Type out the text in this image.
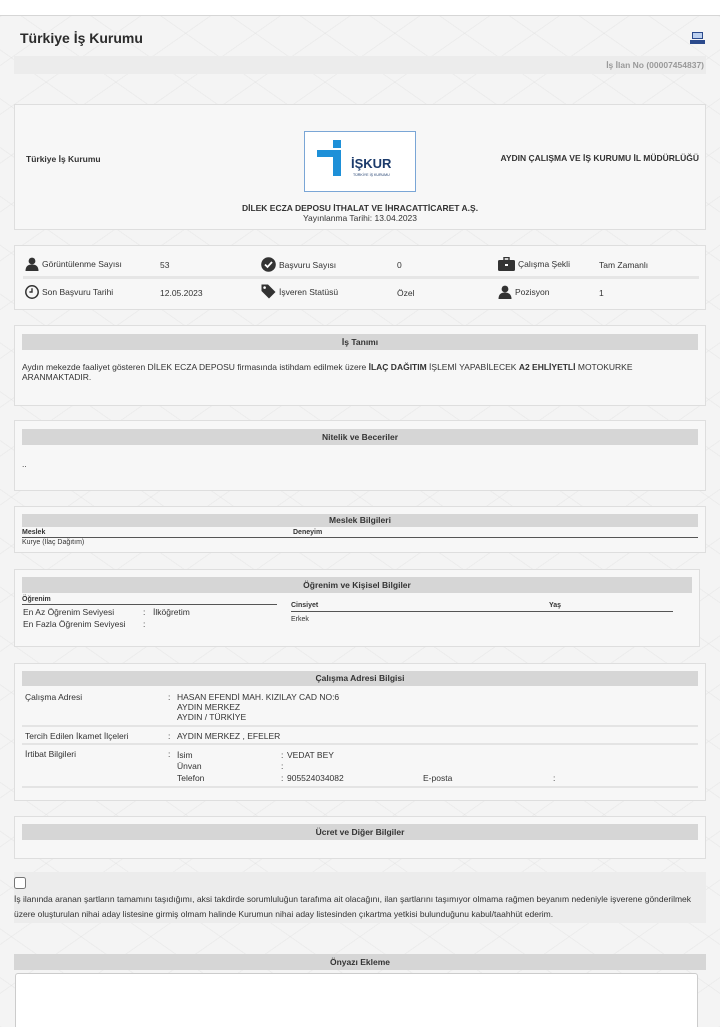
Türkiye İş Kurumu
İş İlan No (00007454837)
Türkiye İş Kurumu	İŞKUR
TÜRKİYE İŞ KURUMU
AYDIN ÇALIŞMA VE İŞ KURUMU İL MÜDÜRLÜĞÜ
DİLEK ECZA DEPOSU İTHALAT VE İHRACATTİCARET A.Ş.
Yayınlanma Tarihi: 13.04.2023
Görüntülenme Sayısı	53	Başvuru Sayısı	0	Çalışma Şekli	Tam Zamanlı
Son Başvuru Tarihi	12.05.2023	İşveren Statüsü	Özel	Pozisyon	1
İş Tanımı
Aydın mekezde faaliyet gösteren DİLEK ECZA DEPOSU firmasında istihdam edilmek üzere İLAÇ DAĞITIM İŞLEMİ YAPABİLECEK A2 EHLİYETLİ MOTOKURKE ARANMAKTADIR.
Nitelik ve Beceriler
..
Meslek Bilgileri
Meslek	Deneyim
Kurye (İlaç Dağıtım)
Öğrenim ve Kişisel Bilgiler
Öğrenim
En Az Öğrenim Seviyesi	: İlköğretim
En Fazla Öğrenim Seviyesi :
Cinsiyet	Yaş
Erkek
Çalışma Adresi Bilgisi
Çalışma Adresi	: HASAN EFENDİ MAH. KIZILAY CAD NO:6
AYDIN MERKEZ
AYDIN / TÜRKİYE
Tercih Edilen İkamet İlçeleri	: AYDIN MERKEZ , EFELER
İrtibat Bilgileri	: İsim	: VEDAT BEY
Ünvan	:
Telefon	: 905524034082	E-posta	:
Ücret ve Diğer Bilgiler
İş ilanında aranan şartların tamamını taşıdığımı, aksi takdirde sorumluluğun tarafıma ait olacağını, ilan şartlarını taşımıyor olmama rağmen beyanım nedeniyle işverene gönderilmek üzere oluşturulan nihai aday listesine girmiş olmam halinde Kurumun nihai aday listesinden çıkartma yetkisi bulunduğunu kabul/taahhüt ederim.
Önyazı Ekleme
